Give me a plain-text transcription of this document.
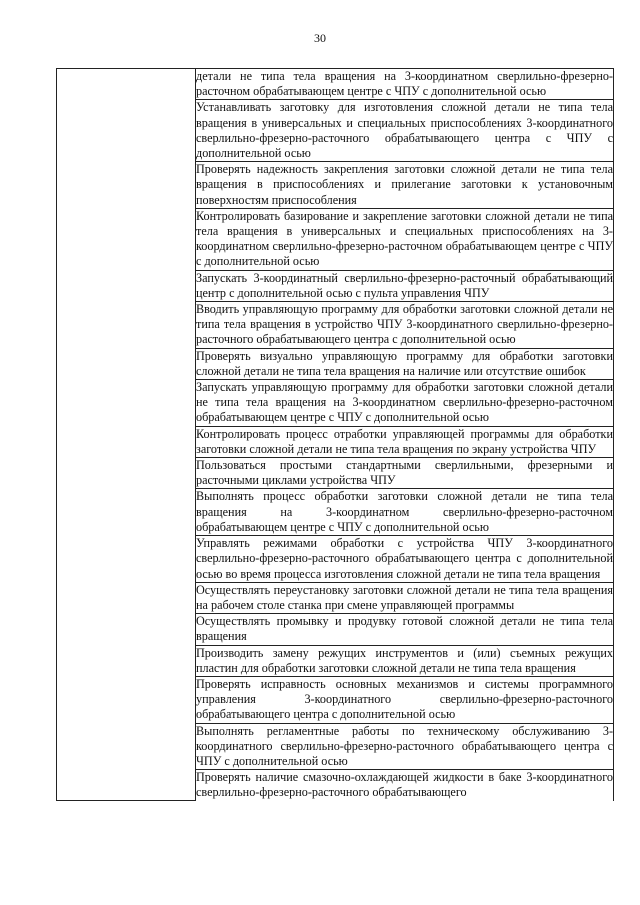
30

детали не типа тела вращения на 3-координатном сверлильно-фрезерно-расточном обрабатывающем центре с ЧПУ с дополнительной осью

Устанавливать заготовку для изготовления сложной детали не типа тела вращения в универсальных и специальных приспособлениях 3-координатного сверлильно-фрезерно-расточного обрабатывающего центра с ЧПУ с дополнительной осью

Проверять надежность закрепления заготовки сложной детали не типа тела вращения в приспособлениях и прилегание заготовки к установочным поверхностям приспособления

Контролировать базирование и закрепление заготовки сложной детали не типа тела вращения в универсальных и специальных приспособлениях на 3-координатном сверлильно-фрезерно-расточном обрабатывающем центре с ЧПУ с дополнительной осью

Запускать 3-координатный сверлильно-фрезерно-расточный обрабатывающий центр с дополнительной осью с пульта управления ЧПУ

Вводить управляющую программу для обработки заготовки сложной детали не типа тела вращения в устройство ЧПУ 3-координатного сверлильно-фрезерно-расточного обрабатывающего центра с дополнительной осью

Проверять визуально управляющую программу для обработки заготовки сложной детали не типа тела вращения на наличие или отсутствие ошибок

Запускать управляющую программу для обработки заготовки сложной детали не типа тела вращения на 3-координатном сверлильно-фрезерно-расточном обрабатывающем центре с ЧПУ с дополнительной осью

Контролировать процесс отработки управляющей программы для обработки заготовки сложной детали не типа тела вращения по экрану устройства ЧПУ

Пользоваться простыми стандартными сверлильными, фрезерными и расточными циклами устройства ЧПУ

Выполнять процесс обработки заготовки сложной детали не типа тела вращения на 3-координатном сверлильно-фрезерно-расточном обрабатывающем центре с ЧПУ с дополнительной осью

Управлять режимами обработки с устройства ЧПУ 3-координатного сверлильно-фрезерно-расточного обрабатывающего центра с дополнительной осью во время процесса изготовления сложной детали не типа тела вращения

Осуществлять переустановку заготовки сложной детали не типа тела вращения на рабочем столе станка при смене управляющей программы

Осуществлять промывку и продувку готовой сложной детали не типа тела вращения

Производить замену режущих инструментов и (или) съемных режущих пластин для обработки заготовки сложной детали не типа тела вращения

Проверять исправность основных механизмов и системы программного управления 3-координатного сверлильно-фрезерно-расточного обрабатывающего центра с дополнительной осью

Выполнять регламентные работы по техническому обслуживанию 3-координатного сверлильно-фрезерно-расточного обрабатывающего центра с ЧПУ с дополнительной осью

Проверять наличие смазочно-охлаждающей жидкости в баке 3-координатного сверлильно-фрезерно-расточного обрабатывающего
